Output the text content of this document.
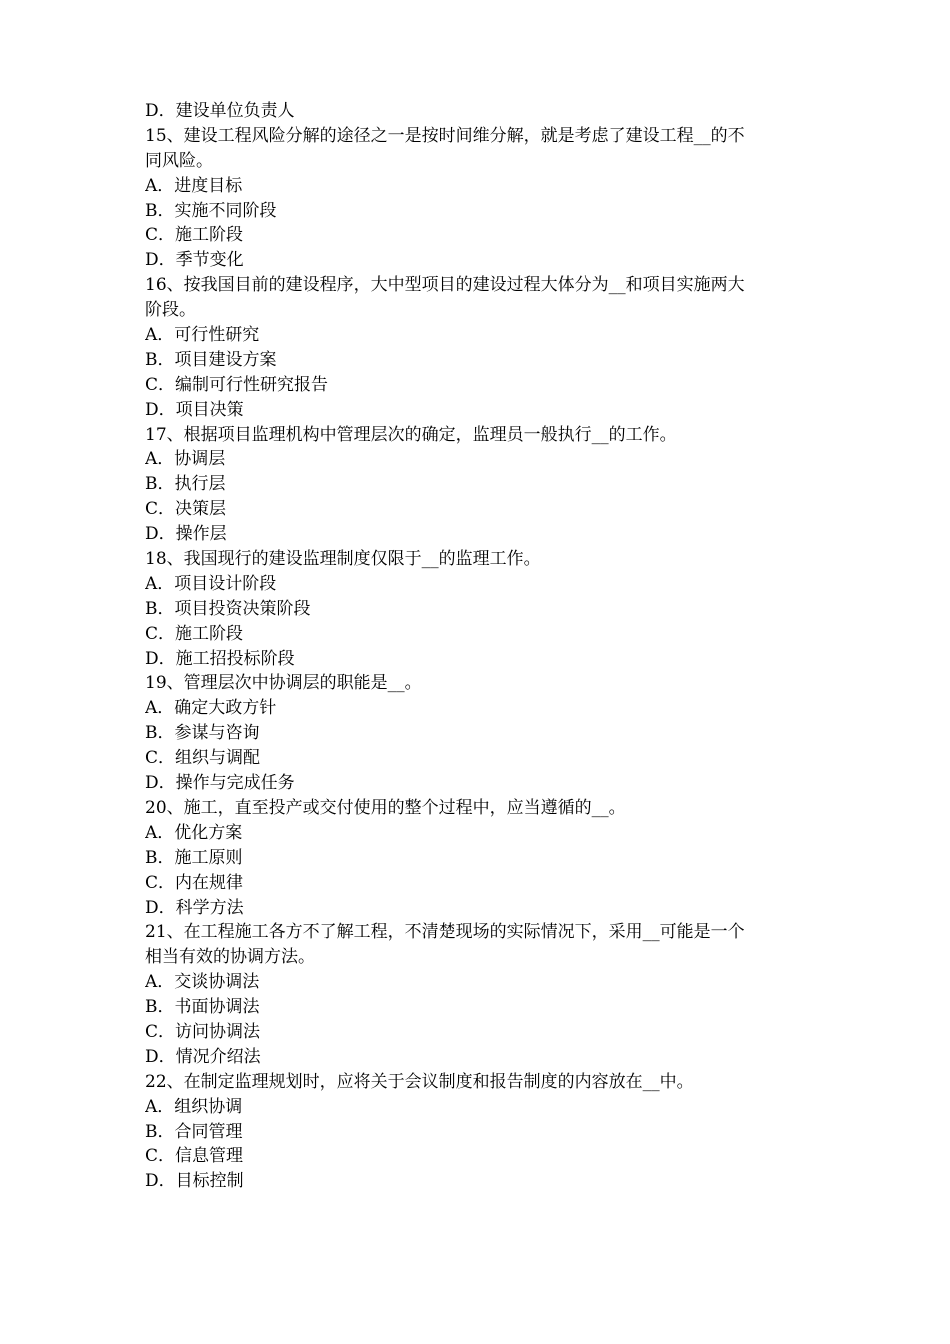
D．建设单位负责人
15、建设工程风险分解的途径之一是按时间维分解，就是考虑了建设工程__的不
同风险。
A．进度目标
B．实施不同阶段
C．施工阶段
D．季节变化
16、按我国目前的建设程序，大中型项目的建设过程大体分为__和项目实施两大
阶段。
A．可行性研究
B．项目建设方案
C．编制可行性研究报告
D．项目决策
17、根据项目监理机构中管理层次的确定，监理员一般执行__的工作。
A．协调层
B．执行层
C．决策层
D．操作层
18、我国现行的建设监理制度仅限于__的监理工作。
A．项目设计阶段
B．项目投资决策阶段
C．施工阶段
D．施工招投标阶段
19、管理层次中协调层的职能是__。
A．确定大政方针
B．参谋与咨询
C．组织与调配
D．操作与完成任务
20、施工，直至投产或交付使用的整个过程中，应当遵循的__。
A．优化方案
B．施工原则
C．内在规律
D．科学方法
21、在工程施工各方不了解工程，不清楚现场的实际情况下，采用__可能是一个
相当有效的协调方法。
A．交谈协调法
B．书面协调法
C．访问协调法
D．情况介绍法
22、在制定监理规划时，应将关于会议制度和报告制度的内容放在__中。
A．组织协调
B．合同管理
C．信息管理
D．目标控制
